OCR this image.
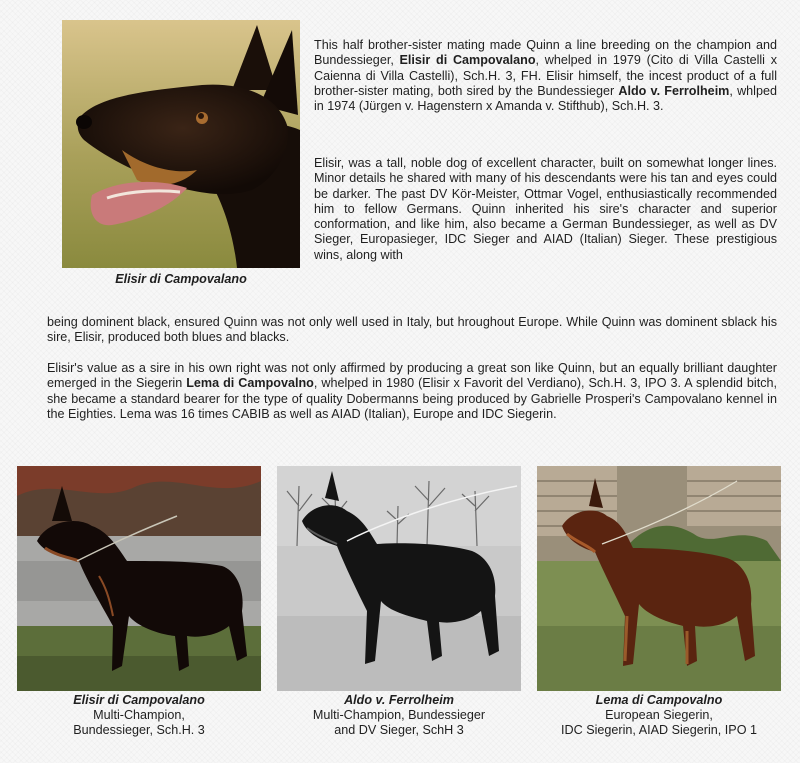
Elisir di Campovalano

This half brother-sister mating made Quinn a line breeding on the champion and Bundessieger, Elisir di Campovalano, whelped in 1979 (Cito di Villa Castelli x Caienna di Villa Castelli), Sch.H. 3, FH. Elisir himself, the incest product of a full brother-sister mating, both sired by the Bundessieger Aldo v. Ferrolheim, whlped in 1974 (Jürgen v. Hagenstern x Amanda v. Stifthub), Sch.H. 3.

Elisir, was a tall, noble dog of excellent character, built on somewhat longer lines. Minor details he shared with many of his descendants were his tan and eyes could be darker. The past DV Kör-Meister, Ottmar Vogel, enthusiastically recommended him to fellow Germans. Quinn inherited his sire's character and superior conformation, and like him, also became a German Bundessieger, as well as DV Sieger, Europasieger, IDC Sieger and AIAD (Italian) Sieger. These prestigious wins, along with

being dominent black, ensured Quinn was not only well used in Italy, but hroughout Europe. While Quinn was dominent sblack his sire, Elisir, produced both blues and blacks.

Elisir's value as a sire in his own right was not only affirmed by producing a great son like Quinn, but an equally brilliant daughter emerged in the Siegerin Lema di Campovalno, whelped in 1980 (Elisir x Favorit del Verdiano), Sch.H. 3, IPO 3. A splendid bitch, she became a standard bearer for the type of quality Dobermanns being produced by Gabrielle Prosperi's Campovalano kennel in the Eighties. Lema was 16 times CABIB as well as AIAD (Italian), Europe and IDC Siegerin.

Elisir di Campovalano
Multi-Champion,
Bundessieger, Sch.H. 3
Aldo v. Ferrolheim
Multi-Champion, Bundessieger
and DV Sieger, SchH 3
Lema di Campovalno
European Siegerin,
IDC Siegerin, AIAD Siegerin, IPO 1
